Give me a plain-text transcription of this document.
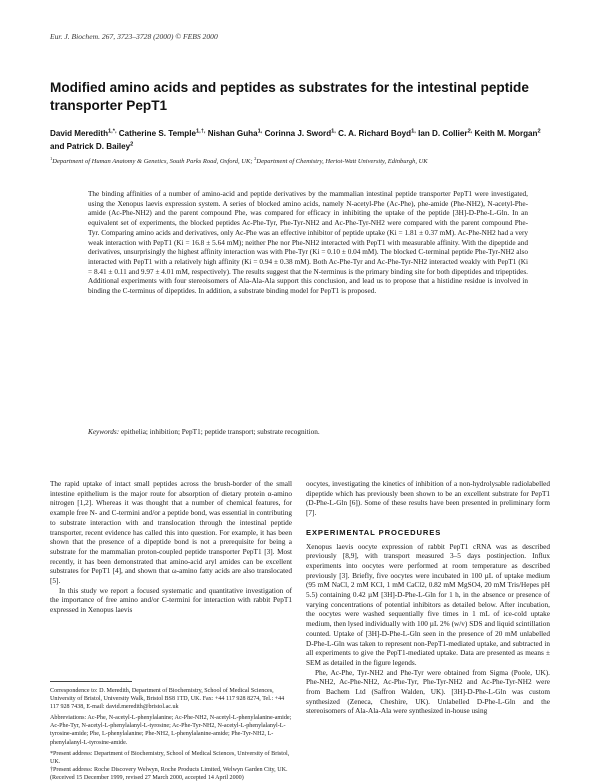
Eur. J. Biochem. 267, 3723–3728 (2000) © FEBS 2000
Modified amino acids and peptides as substrates for the intestinal peptide transporter PepT1
David Meredith$^{1,*,}$ Catherine S. Temple$^{1,\dagger,}$ Nishan Guha$^{1,}$ Corinna J. Sword$^{1,}$ C. A. Richard Boyd$^{1,}$ Ian D. Collier$^{2,}$ Keith M. Morgan$^2$ and Patrick D. Bailey$^2$
$^1$Department of Human Anatomy & Genetics, South Parks Road, Oxford, UK; $^2$Department of Chemistry, Heriot-Watt University, Edinburgh, UK
The binding affinities of a number of amino-acid and peptide derivatives by the mammalian intestinal peptide transporter PepT1 were investigated, using the Xenopus laevis expression system. A series of blocked amino acids, namely N-acetyl-Phe (Ac-Phe), phe-amide (Phe-NH2), N-acetyl-Phe-amide (Ac-Phe-NH2) and the parent compound Phe, was compared for efficacy in inhibiting the uptake of the peptide [3H]-D-Phe-L-Gln. In an equivalent set of experiments, the blocked peptides Ac-Phe-Tyr, Phe-Tyr-NH2 and Ac-Phe-Tyr-NH2 were compared with the parent compound Phe-Tyr. Comparing amino acids and derivatives, only Ac-Phe was an effective inhibitor of peptide uptake (Ki = 1.81 ± 0.37 mM). Ac-Phe-NH2 had a very weak interaction with PepT1 (Ki = 16.8 ± 5.64 mM); neither Phe nor Phe-NH2 interacted with PepT1 with measurable affinity. With the dipeptide and derivatives, unsurprisingly the highest affinity interaction was with Phe-Tyr (Ki = 0.10 ± 0.04 mM). The blocked C-terminal peptide Phe-Tyr-NH2 also interacted with PepT1 with a relatively high affinity (Ki = 0.94 ± 0.38 mM). Both Ac-Phe-Tyr and Ac-Phe-Tyr-NH2 interacted weakly with PepT1 (Ki = 8.41 ± 0.11 and 9.97 ± 4.01 mM, respectively). The results suggest that the N-terminus is the primary binding site for both dipeptides and tripeptides. Additional experiments with four stereoisomers of Ala-Ala-Ala support this conclusion, and lead us to propose that a histidine residue is involved in binding the C-terminus of dipeptides. In addition, a substrate binding model for PepT1 is proposed.
Keywords: epithelia; inhibition; PepT1; peptide transport; substrate recognition.

The rapid uptake of intact small peptides across the brush-border of the small intestine epithelium is the major route for absorption of dietary protein α-amino nitrogen [1,2]. Whereas it was thought that a number of chemical features, for example free N- and C-termini and/or a peptide bond, was essential in contributing to substrate interaction with and translocation through the intestinal peptide transporter, recent evidence has called this into question. For example, it has been shown that the presence of a dipeptide bond is not a prerequisite for being a substrate for the mammalian proton-coupled peptide transporter PepT1 [3]. Most recently, it has been demonstrated that amino-acid aryl amides can be excellent substrates for PepT1 [4], and shown that ω-amino fatty acids are also translocated [5].

In this study we report a focused systematic and quantitative investigation of the importance of free amino and/or C-termini for interaction with rabbit PepT1 expressed in Xenopus laevis

Correspondence to: D. Meredith, Department of Biochemistry, School of Medical Sciences, University of Bristol, University Walk, Bristol BS8 1TD, UK. Fax: +44 117 928 8274, Tel.: +44 117 928 7438, E-mail: david.meredith@bristol.ac.uk
Abbreviations: Ac-Phe, N-acetyl-L-phenylalanine; Ac-Phe-NH2, N-acetyl-L-phenylalanine-amide; Ac-Phe-Tyr, N-acetyl-L-phenylalanyl-L-tyrosine; Ac-Phe-Tyr-NH2, N-acetyl-L-phenylalanyl-L-tyrosine-amide; Phe, L-phenylalanine; Phe-NH2, L-phenylalanine-amide; Phe-Tyr-NH2, L-phenylalanyl-L-tyrosine-amide.
*Present address: Department of Biochemistry, School of Medical Sciences, University of Bristol, UK.
†Present address: Roche Discovery Welwyn, Roche Products Limited, Welwyn Garden City, UK.
(Received 15 December 1999, revised 27 March 2000, accepted 14 April 2000)

oocytes, investigating the kinetics of inhibition of a non-hydrolysable radiolabelled dipeptide which has previously been shown to be an excellent substrate for PepT1 (D-Phe-L-Gln [6]). Some of these results have been presented in preliminary form [7].

EXPERIMENTAL PROCEDURES

Xenopus laevis oocyte expression of rabbit PepT1 cRNA was as described previously [8,9], with transport measured 3–5 days postinjection. Influx experiments into oocytes were performed at room temperature as described previously [3]. Briefly, five oocytes were incubated in 100 µL of uptake medium (95 mM NaCl, 2 mM KCl, 1 mM CaCl2, 0.82 mM MgSO4, 20 mM Tris/Hepes pH 5.5) containing 0.42 µM [3H]-D-Phe-L-Gln for 1 h, in the absence or presence of varying concentrations of potential inhibitors as detailed below. After incubation, the oocytes were washed sequentially five times in 1 mL of ice-cold uptake medium, then lysed individually with 100 µL 2% (w/v) SDS and liquid scintillation counted. Uptake of [3H]-D-Phe-L-Gln seen in the presence of 20 mM unlabelled D-Phe-L-Gln was taken to represent non-PepT1-mediated uptake, and subtracted in all experiments to give the PepT1-mediated uptake. Data are presented as means ± SEM as detailed in the figure legends.

Phe, Ac-Phe, Tyr-NH2 and Phe-Tyr were obtained from Sigma (Poole, UK). Phe-NH2, Ac-Phe-NH2, Ac-Phe-Tyr, Phe-Tyr-NH2 and Ac-Phe-Tyr-NH2 were from Bachem Ltd (Saffron Walden, UK). [3H]-D-Phe-L-Gln was custom synthesized (Zeneca, Cheshire, UK). Unlabelled D-Phe-L-Gln and the stereoisomers of Ala-Ala-Ala were synthesized in-house using
